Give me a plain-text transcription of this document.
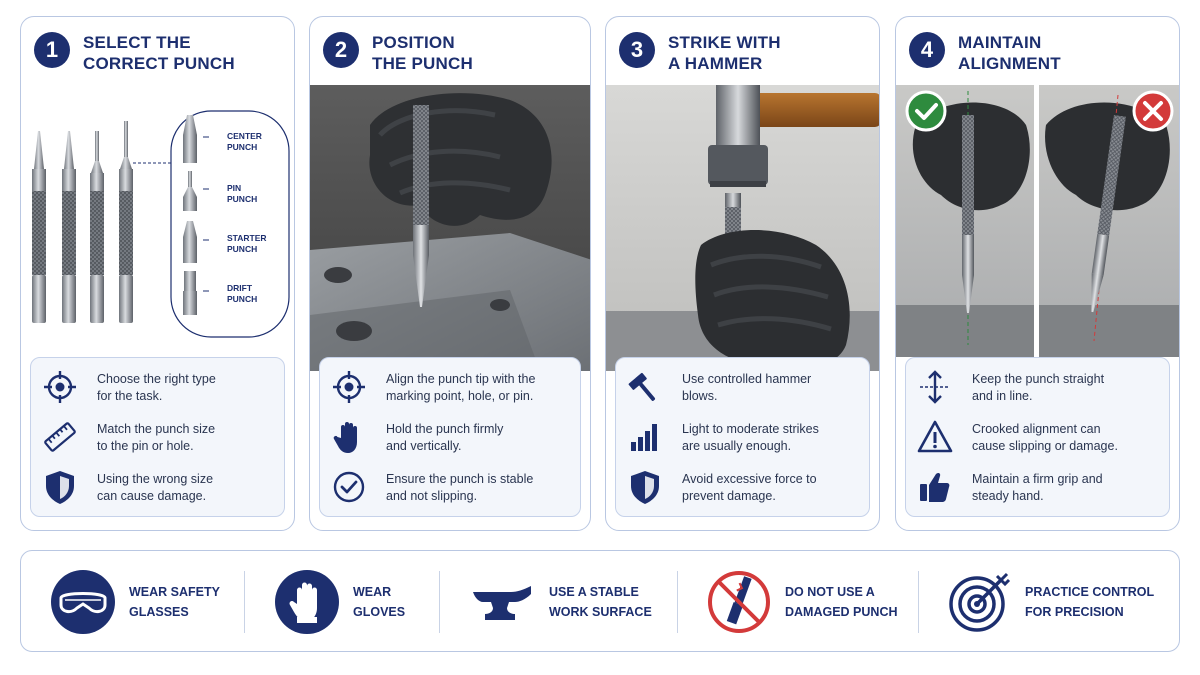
1	SELECT THE
CORRECT PUNCH
CENTER
PUNCH
PIN
PUNCH
STARTER
PUNCH
DRIFT
PUNCH
Choose the right type
for the task.
Match the punch size
to the pin or hole.
Using the wrong size
can cause damage.
2	POSITION
THE PUNCH
Align the punch tip with the
marking point, hole, or pin.
Hold the punch firmly
and vertically.
Ensure the punch is stable
and not slipping.
3	STRIKE WITH
A HAMMER
Use controlled hammer
blows.
Light to moderate strikes
are usually enough.
Avoid excessive force to
prevent damage.
4	MAINTAIN
ALIGNMENT
Keep the punch straight
and in line.
Crooked alignment can
cause slipping or damage.
Maintain a firm grip and
steady hand.
WEAR SAFETY
GLASSES
WEAR
GLOVES
USE A STABLE
WORK SURFACE
DO NOT USE A
DAMAGED PUNCH
PRACTICE CONTROL
FOR PRECISION
